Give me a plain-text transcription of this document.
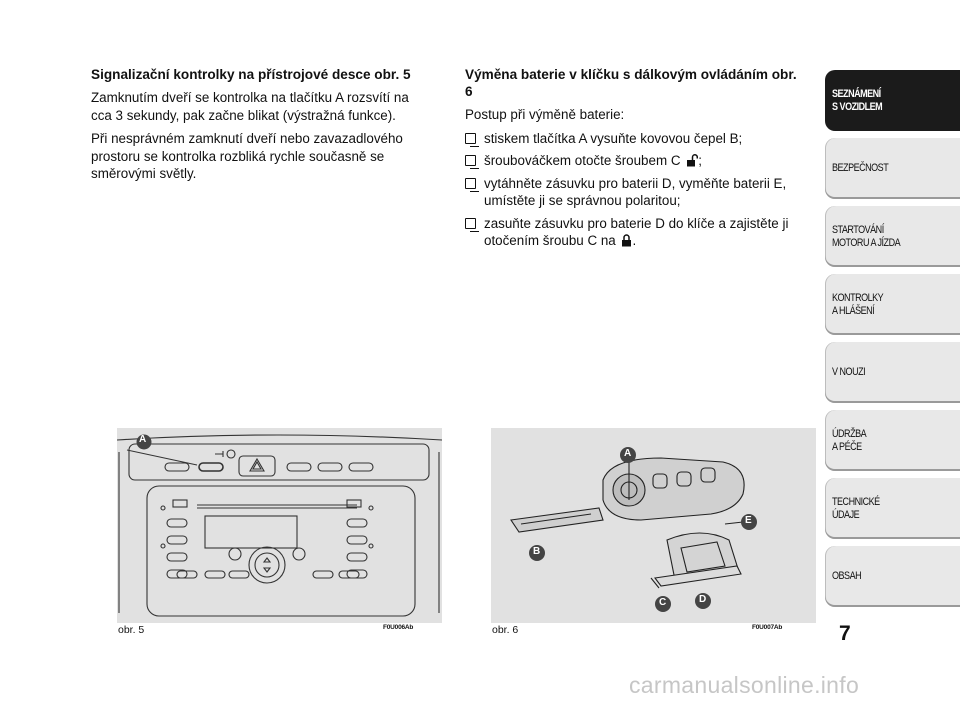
Signalizační kontrolky na přístrojové desce obr. 5

Zamknutím dveří se kontrolka na tlačítku A rozsvítí na cca 3 sekundy, pak začne blikat (výstražná funkce).

Při nesprávném zamknutí dveří nebo zavazadlového prostoru se kontrolka rozbliká rychle současně se směrovými světly.

Výměna baterie v klíčku s dálkovým ovládáním obr. 6

Postup při výměně baterie:

stiskem tlačítka A vysuňte kovovou čepel B;
šroubováčkem otočte šroubem C ;
vytáhněte zásuvku pro baterii D, vyměňte baterii E, umístěte ji se správnou polaritou;
zasuňte zásuvku pro baterie D do klíče a zajistěte ji otočením šroubu C na .
A
obr. 5	F0U006Ab
A
B
C	D
E
obr. 6	F0U007Ab
SEZNÁMENÍ
S VOZIDLEM
BEZPEČNOST
STARTOVÁNÍ
MOTORU A JÍZDA
KONTROLKY
A HLÁŠENÍ
V NOUZI
ÚDRŽBA
A PÉČE
TECHNICKÉ
ÚDAJE
OBSAH
7
carmanualsonline.info
